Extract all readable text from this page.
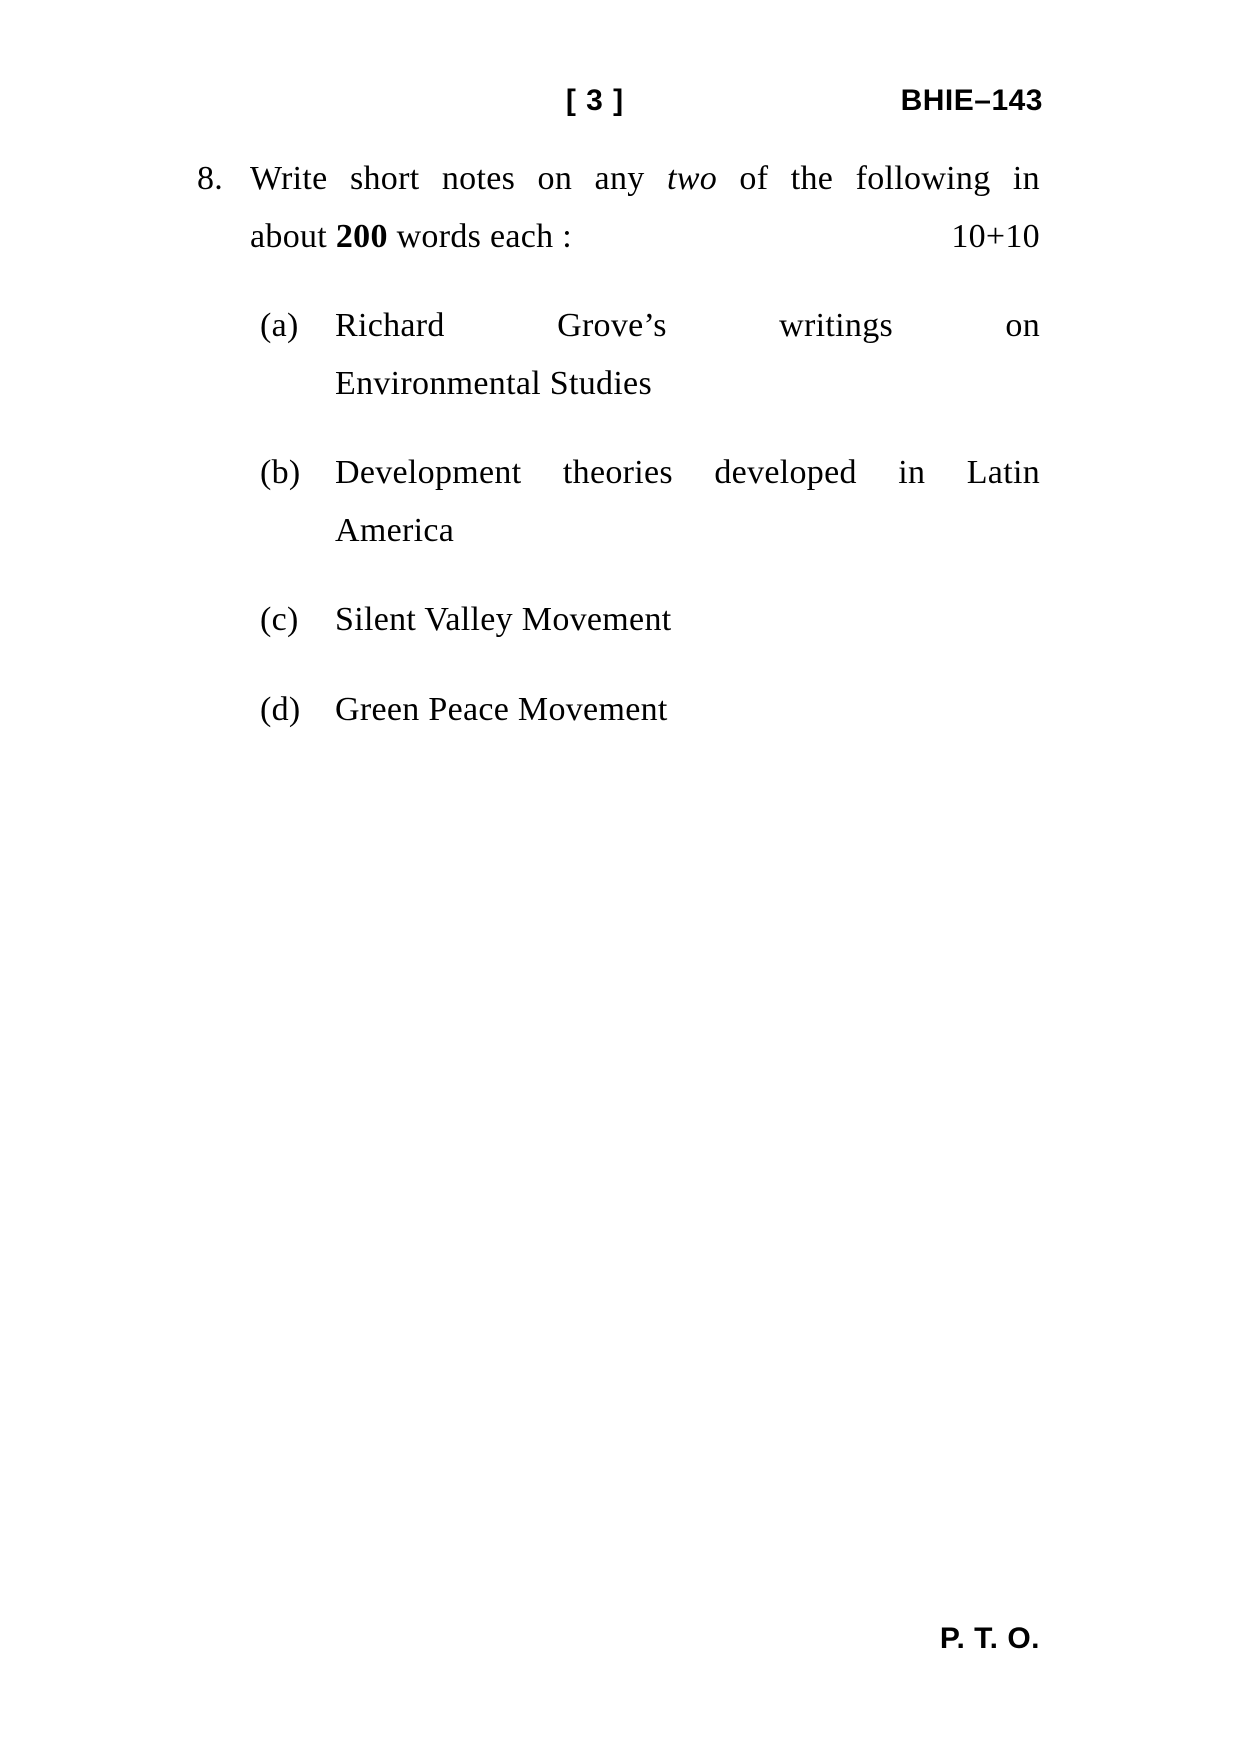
[ 3 ]	BHIE–143
8. Write short notes on any two of the following in
about 200 words each :	10+10
(a)	Richard Grove’s writings on
Environmental Studies
(b)	Development theories developed in Latin
America
(c)	Silent Valley Movement
(d)	Green Peace Movement
P. T. O.
